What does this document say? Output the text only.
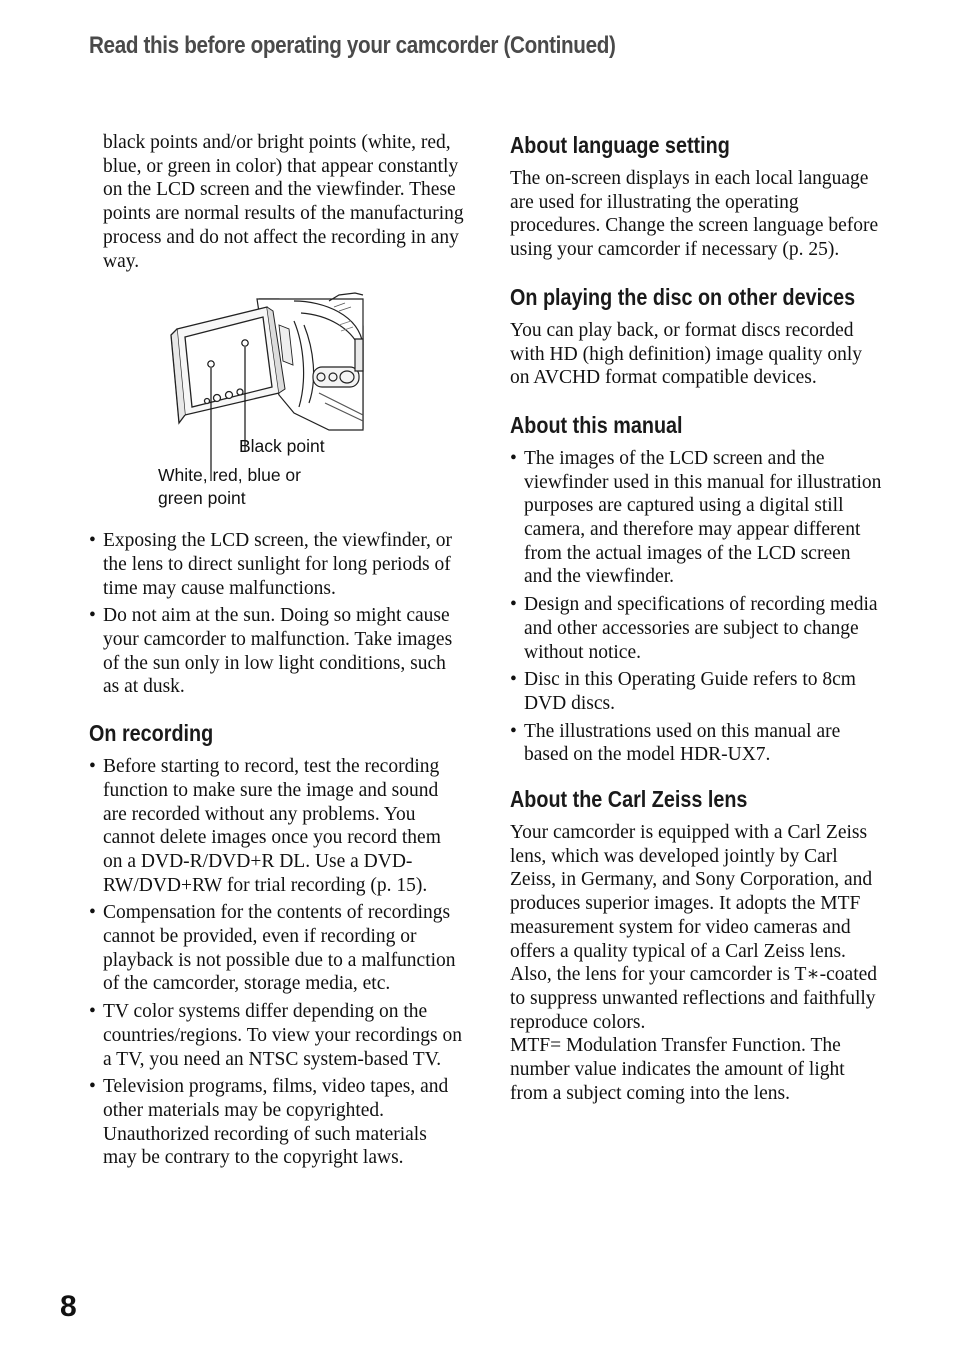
Read this before operating your camcorder (Continued)

black points and/or bright points (white, red, blue, or green in color) that appear constantly on the LCD screen and the viewfinder. These points are normal results of the manufacturing process and do not affect the recording in any way.

Black point
White, red, blue or
green point
• Exposing the LCD screen, the viewfinder, or the lens to direct sunlight for long periods of time may cause malfunctions.
• Do not aim at the sun. Doing so might cause your camcorder to malfunction. Take images of the sun only in low light conditions, such as at dusk.
On recording
• Before starting to record, test the recording function to make sure the image and sound are recorded without any problems. You cannot delete images once you record them on a DVD-R/DVD+R DL. Use a DVD-RW/DVD+RW for trial recording (p. 15).
• Compensation for the contents of recordings cannot be provided, even if recording or playback is not possible due to a malfunction of the camcorder, storage media, etc.
• TV color systems differ depending on the countries/regions. To view your recordings on a TV, you need an NTSC system-based TV.
• Television programs, films, video tapes, and other materials may be copyrighted. Unauthorized recording of such materials may be contrary to the copyright laws.
About language setting

The on-screen displays in each local language are used for illustrating the operating procedures. Change the screen language before using your camcorder if necessary (p. 25).

On playing the disc on other devices

You can play back, or format discs recorded with HD (high definition) image quality only on AVCHD format compatible devices.

About this manual
• The images of the LCD screen and the viewfinder used in this manual for illustration purposes are captured using a digital still camera, and therefore may appear different from the actual images of the LCD screen and the viewfinder.
• Design and specifications of recording media and other accessories are subject to change without notice.
• Disc in this Operating Guide refers to 8cm DVD discs.
• The illustrations used on this manual are based on the model HDR-UX7.
About the Carl Zeiss lens

Your camcorder is equipped with a Carl Zeiss lens, which was developed jointly by Carl Zeiss, in Germany, and Sony Corporation, and produces superior images. It adopts the MTF measurement system for video cameras and offers a quality typical of a Carl Zeiss lens. Also, the lens for your camcorder is T∗-coated to suppress unwanted reflections and faithfully reproduce colors.

MTF= Modulation Transfer Function. The number value indicates the amount of light from a subject coming into the lens.

8
